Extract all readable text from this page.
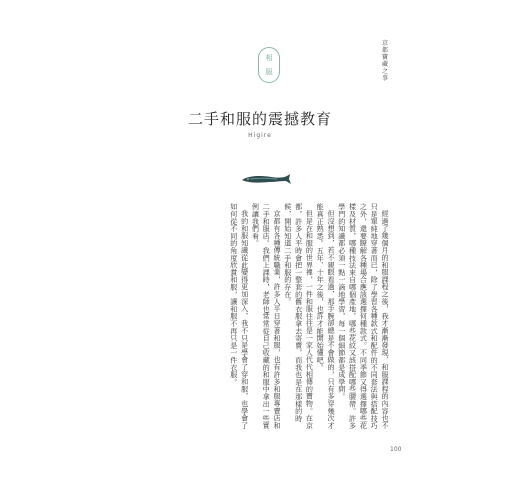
相
服
京
都
寶
藏
之
事
二手和服的震撼教育
Higire

經過了幾個月的和服課程之後，我才漸漸發現，和服課程的內容也不只是單純地穿著而已，除了學習各種款式和配件的不同套法與搭配技巧之外，還要瞭解各種場合應該選擇何種款式。不同季節又得選擇哪些花樣及材質，哪種技法來自哪個產地，哪些花紋又該搭配哪些腰帶。許多學門的知識都必須一點一滴地學習，每一個細節都是成學問。

但沒想到，若不親眼看過，那手腕卻總是不會做的，只有多穿幾次才能真正熟悉。五年、十年之後，也許才能開始懂吧。

但是在和服的世界裡，一件和服往往是一家人代代相傳的寶物。在京都，許多人平時會把一整套的舊衣服拿去寄賣，而我也是在那樣的時候，開始知道二手和服的存在。

京都有各種傳統職業，許多人平日穿著和服，也有許多和服專賣店和二手和服店。我們上課時，老師也常常從自己收藏的和服中拿出一些實例讓我們看。

我的和服知識從此變得更加深入，我不只是學會了穿和服，也學會了如何從不同的角度欣賞和服，讓和服不再只是一件衣服。

100
